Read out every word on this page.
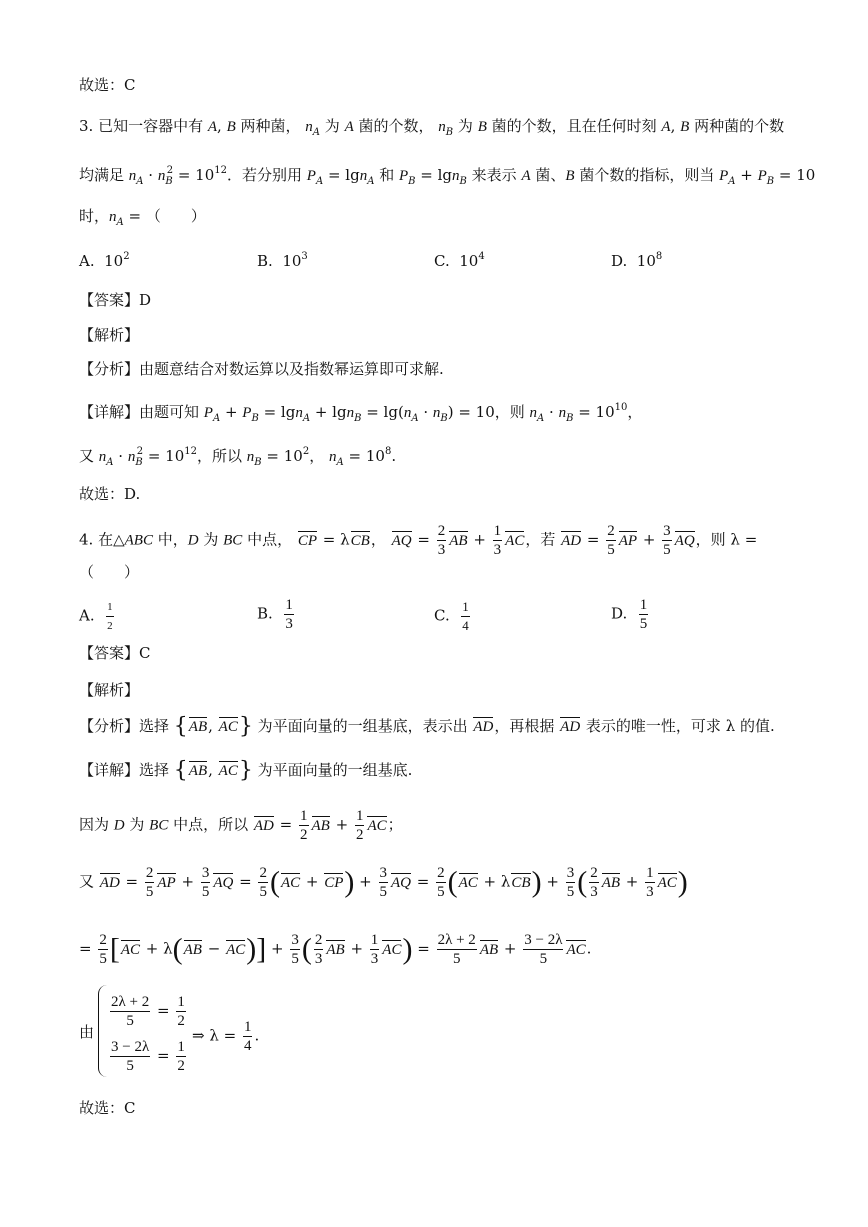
故选：C
3. 已知一容器中有 A, B 两种菌， $n_A$ 为 A 菌的个数， $n_B$ 为 B 菌的个数，且在任何时刻 A, B 两种菌的个数
均满足 $n_A \cdot n_B^2 = 10^{12}$．若分别用 $P_A = \lg n_A$ 和 $P_B = \lg n_B$ 来表示 A 菌、B 菌个数的指标，则当 $P_A + P_B = 10$
时，$n_A$ = （　　）
A.  $10^2$	B.  $10^3$	C.  $10^4$	D.  $10^8$
【答案】D
【解析】
【分析】由题意结合对数运算以及指数幂运算即可求解.
【详解】由题可知 $P_A + P_B = \lg n_A + \lg n_B = \lg(n_A \cdot n_B) = 10$，则 $n_A \cdot n_B = 10^{10}$，
又 $n_A \cdot n_B^2 = 10^{12}$，所以 $n_B = 10^2$， $n_A = 10^8$.
故选：D.
4. 在△ABC 中，D 为 BC 中点， CP = λCB， AQ = $\frac{2}{3}$ AB + $\frac{1}{3}$ AC，若 AD = $\frac{2}{5}$ AP + $\frac{3}{5}$ AQ，则 λ =
（　　）
A. $\frac{1}{2}$	B. $\frac{1}{3}$	C. $\frac{1}{4}$	D. $\frac{1}{5}$
【答案】C
【解析】
【分析】选择 {AB, AC} 为平面向量的一组基底，表示出 AD，再根据 AD 表示的唯一性，可求 λ 的值.
【详解】选择 {AB, AC} 为平面向量的一组基底.
因为 D 为 BC 中点，所以 AD = $\frac{1}{2}$ AB + $\frac{1}{2}$ AC；
又 AD = $\frac{2}{5}$ AP + $\frac{3}{5}$ AQ = $\frac{2}{5} (AC + CP) + \frac{3}{5}$ AQ = $\frac{2}{5} (AC + \lambda CB) + \frac{3}{5}$ ( $\frac{2}{3}$ AB + $\frac{1}{3} AC$)
= $\frac{2}{5} [AC + \lambda(AB - AC)] + \frac{3}{5}$ ( $\frac{2}{3}$ AB + $\frac{1}{3} AC) = \frac{2\lambda + 2}{5}$ AB + $\frac{3 - 2\lambda}{5}$ AC.
由
$\frac{2\lambda + 2}{5} = \frac{1}{2}$
$\frac{3 - 2\lambda}{5} = \frac{1}{2}$
⇒ $\lambda = \frac{1}{4}$ .
故选：C
